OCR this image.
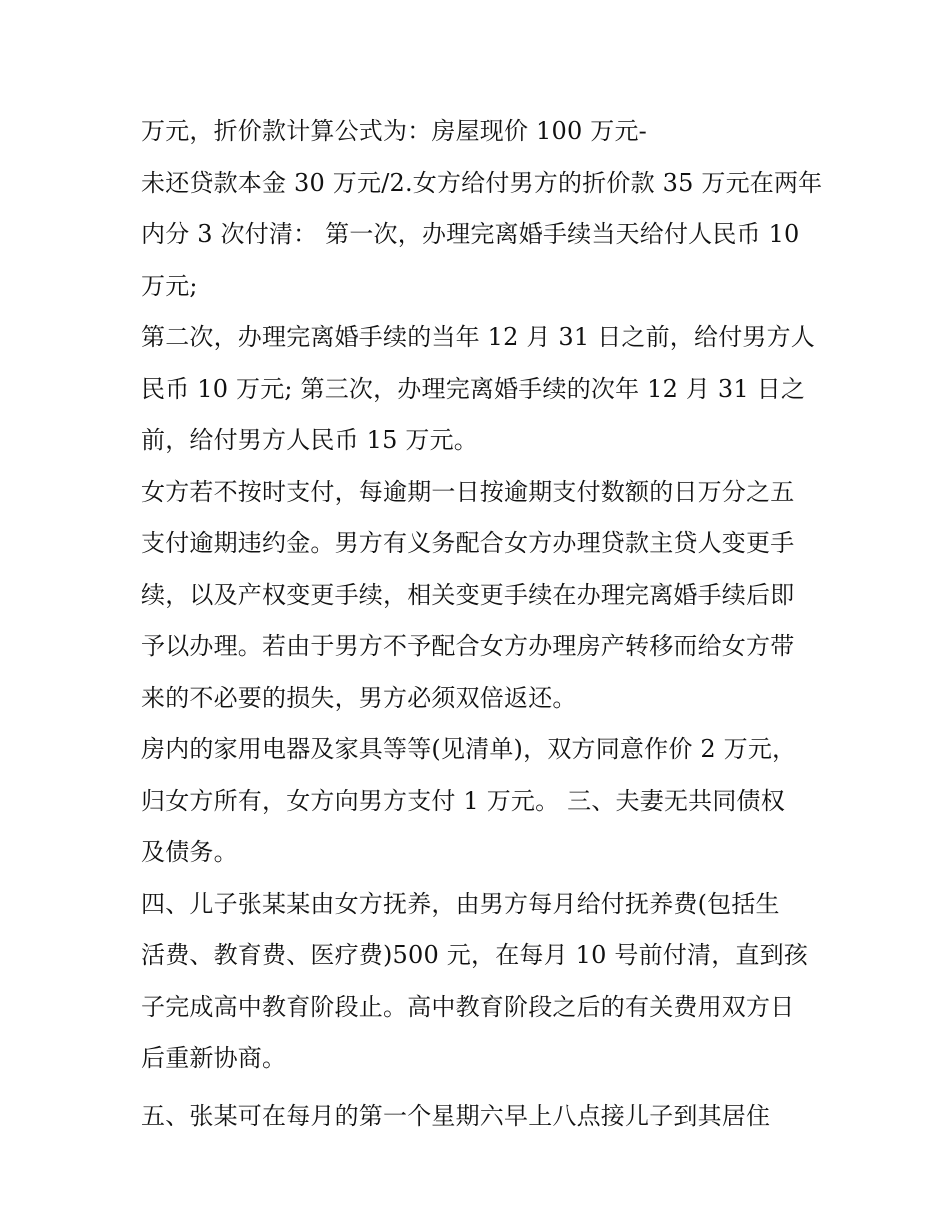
万元，折价款计算公式为：房屋现价 100 万元-
未还贷款本金 30 万元/2.女方给付男方的折价款 35 万元在两年
内分 3 次付清： 第一次，办理完离婚手续当天给付人民币 10
万元;
第二次，办理完离婚手续的当年 12 月 31 日之前，给付男方人
民币 10 万元; 第三次，办理完离婚手续的次年 12 月 31 日之
前，给付男方人民币 15 万元。
女方若不按时支付，每逾期一日按逾期支付数额的日万分之五
支付逾期违约金。男方有义务配合女方办理贷款主贷人变更手
续，以及产权变更手续，相关变更手续在办理完离婚手续后即
予以办理。若由于男方不予配合女方办理房产转移而给女方带
来的不必要的损失，男方必须双倍返还。
房内的家用电器及家具等等(见清单)，双方同意作价 2 万元，
归女方所有，女方向男方支付 1 万元。 三、夫妻无共同债权
及债务。
四、儿子张某某由女方抚养，由男方每月给付抚养费(包括生
活费、教育费、医疗费)500 元，在每月 10 号前付清，直到孩
子完成高中教育阶段止。高中教育阶段之后的有关费用双方日
后重新协商。
五、张某可在每月的第一个星期六早上八点接儿子到其居住
